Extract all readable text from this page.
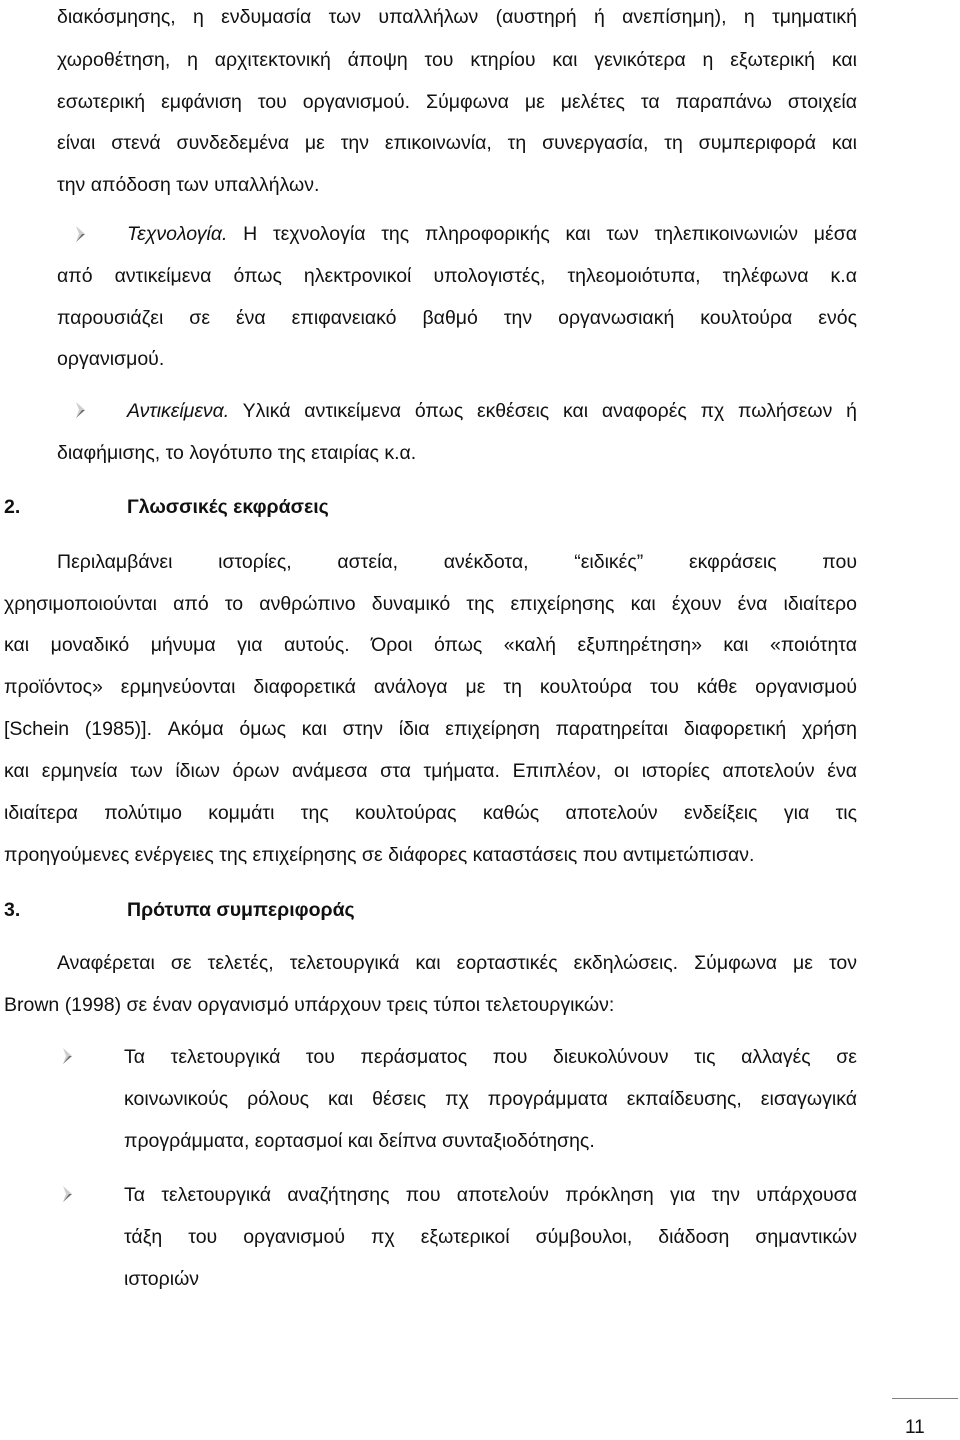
διακόσμησης, η ενδυμασία των υπαλλήλων (αυστηρή ή ανεπίσημη), η τμηματική
χωροθέτηση, η αρχιτεκτονική άποψη του κτηρίου και γενικότερα η εξωτερική και
εσωτερική εμφάνιση του οργανισμού. Σύμφωνα με μελέτες τα παραπάνω στοιχεία
είναι στενά συνδεδεμένα με την επικοινωνία, τη συνεργασία, τη συμπεριφορά και
την απόδοση των υπαλλήλων.
Τεχνολογία. Η τεχνολογία της πληροφορικής και των τηλεπικοινωνιών μέσα
από αντικείμενα όπως ηλεκτρονικοί υπολογιστές, τηλεομοιότυπα, τηλέφωνα κ.α
παρουσιάζει σε ένα επιφανειακό βαθμό την οργανωσιακή κουλτούρα ενός
οργανισμού.
Αντικείμενα. Υλικά αντικείμενα όπως εκθέσεις και αναφορές πχ πωλήσεων ή
διαφήμισης, το λογότυπο της εταιρίας κ.α.
2.	Γλωσσικές εκφράσεις
Περιλαμβάνει ιστορίες, αστεία, ανέκδοτα, “ειδικές” εκφράσεις που
χρησιμοποιούνται από το ανθρώπινο δυναμικό της επιχείρησης και έχουν ένα ιδιαίτερο
και μοναδικό μήνυμα για αυτούς. Όροι όπως «καλή εξυπηρέτηση» και «ποιότητα
προϊόντος» ερμηνεύονται διαφορετικά ανάλογα με τη κουλτούρα του κάθε οργανισμού
[Schein (1985)]. Ακόμα όμως και στην ίδια επιχείρηση παρατηρείται διαφορετική χρήση
και ερμηνεία των ίδιων όρων ανάμεσα στα τμήματα. Επιπλέον, οι ιστορίες αποτελούν ένα
ιδιαίτερα πολύτιμο κομμάτι της κουλτούρας καθώς αποτελούν ενδείξεις για τις
προηγούμενες ενέργειες της επιχείρησης σε διάφορες καταστάσεις που αντιμετώπισαν.
3.	Πρότυπα συμπεριφοράς
Αναφέρεται σε τελετές, τελετουργικά και εορταστικές εκδηλώσεις. Σύμφωνα με τον
Brown (1998) σε έναν οργανισμό υπάρχουν τρεις τύποι τελετουργικών:
Τα τελετουργικά του περάσματος που διευκολύνουν τις αλλαγές σε
κοινωνικούς ρόλους και θέσεις πχ προγράμματα εκπαίδευσης, εισαγωγικά
προγράμματα, εορτασμοί και δείπνα συνταξιοδότησης.
Τα τελετουργικά αναζήτησης που αποτελούν πρόκληση για την υπάρχουσα
τάξη του οργανισμού πχ εξωτερικοί σύμβουλοι, διάδοση σημαντικών
ιστοριών
11
